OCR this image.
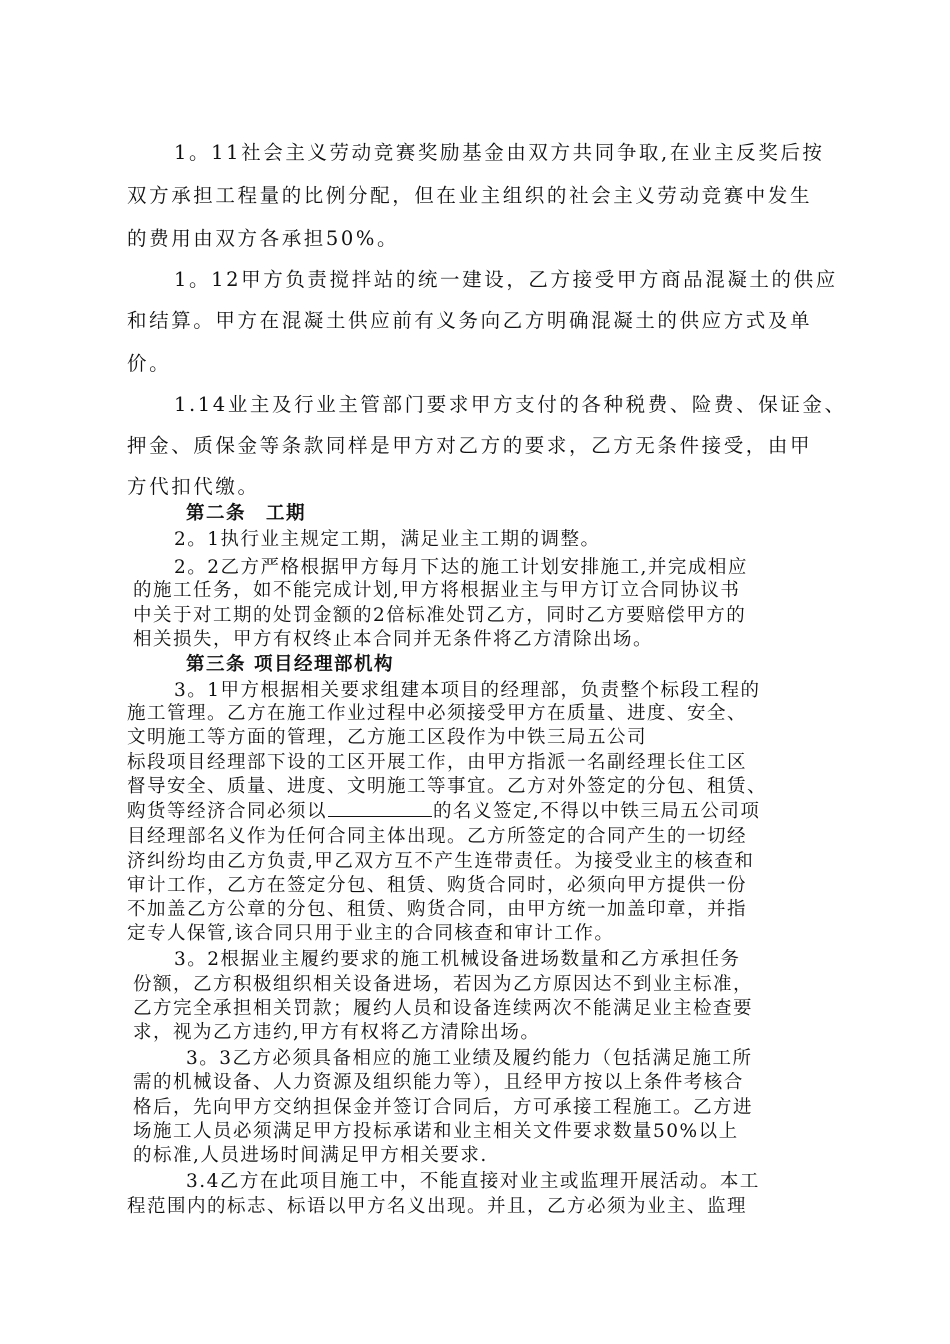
1。11社会主义劳动竞赛奖励基金由双方共同争取,在业主反奖后按

双方承担工程量的比例分配，但在业主组织的社会主义劳动竞赛中发生

的费用由双方各承担50%。

1。12甲方负责搅拌站的统一建设，乙方接受甲方商品混凝土的供应

和结算。甲方在混凝土供应前有义务向乙方明确混凝土的供应方式及单

价。

1.14业主及行业主管部门要求甲方支付的各种税费、险费、保证金、

押金、质保金等条款同样是甲方对乙方的要求，乙方无条件接受，由甲

方代扣代缴。

第二条　工期

2。1执行业主规定工期，满足业主工期的调整。

2。2乙方严格根据甲方每月下达的施工计划安排施工,并完成相应

的施工任务，如不能完成计划,甲方将根据业主与甲方订立合同协议书

中关于对工期的处罚金额的2倍标准处罚乙方，同时乙方要赔偿甲方的

相关损失，甲方有权终止本合同并无条件将乙方清除出场。

第三条 项目经理部机构

3。1甲方根据相关要求组建本项目的经理部，负责整个标段工程的

施工管理。乙方在施工作业过程中必须接受甲方在质量、进度、安全、

文明施工等方面的管理，乙方施工区段作为中铁三局五公司

标段项目经理部下设的工区开展工作，由甲方指派一名副经理长住工区

督导安全、质量、进度、文明施工等事宜。乙方对外签定的分包、租赁、

购货等经济合同必须以	的名义签定,不得以中铁三局五公司项

目经理部名义作为任何合同主体出现。乙方所签定的合同产生的一切经

济纠纷均由乙方负责,甲乙双方互不产生连带责任。为接受业主的核查和

审计工作，乙方在签定分包、租赁、购货合同时，必须向甲方提供一份

不加盖乙方公章的分包、租赁、购货合同，由甲方统一加盖印章，并指

定专人保管,该合同只用于业主的合同核查和审计工作。

3。2根据业主履约要求的施工机械设备进场数量和乙方承担任务

份额，乙方积极组织相关设备进场，若因为乙方原因达不到业主标准，

乙方完全承担相关罚款；履约人员和设备连续两次不能满足业主检查要

求，视为乙方违约,甲方有权将乙方清除出场。

3。3乙方必须具备相应的施工业绩及履约能力（包括满足施工所

需的机械设备、人力资源及组织能力等），且经甲方按以上条件考核合

格后，先向甲方交纳担保金并签订合同后，方可承接工程施工。乙方进

场施工人员必须满足甲方投标承诺和业主相关文件要求数量50%以上

的标准,人员进场时间满足甲方相关要求.

3.4乙方在此项目施工中，不能直接对业主或监理开展活动。本工

程范围内的标志、标语以甲方名义出现。并且，乙方必须为业主、监理
